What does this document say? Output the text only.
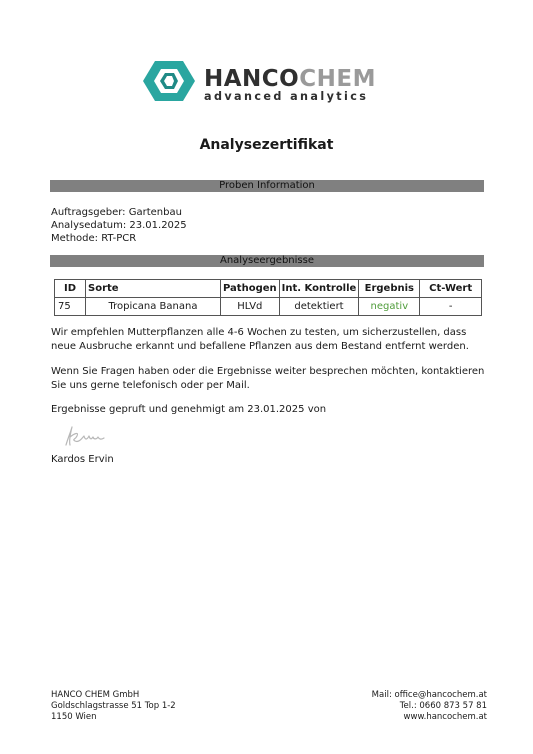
HANCOCHEM
advanced analytics
Analysezertifikat
Proben Information
Auftragsgeber: Gartenbau
Analysedatum: 23.01.2025
Methode: RT-PCR
Analyseergebnisse
ID	Sorte	Pathogen	Int. Kontrolle	Ergebnis	Ct-Wert
75	Tropicana Banana	HLVd	detektiert	negativ	-
Wir empfehlen Mutterpflanzen alle 4-6 Wochen zu testen, um sicherzustellen, dass neue Ausbruche erkannt und befallene Pflanzen aus dem Bestand entfernt werden.
Wenn Sie Fragen haben oder die Ergebnisse weiter besprechen möchten, kontaktieren Sie uns gerne telefonisch oder per Mail.
Ergebnisse gepruft und genehmigt am 23.01.2025 von
Kardos Ervin
HANCO CHEM GmbH
Goldschlagstrasse 51 Top 1-2
1150 Wien
Mail: office@hancochem.at
Tel.: 0660 873 57 81
www.hancochem.at
